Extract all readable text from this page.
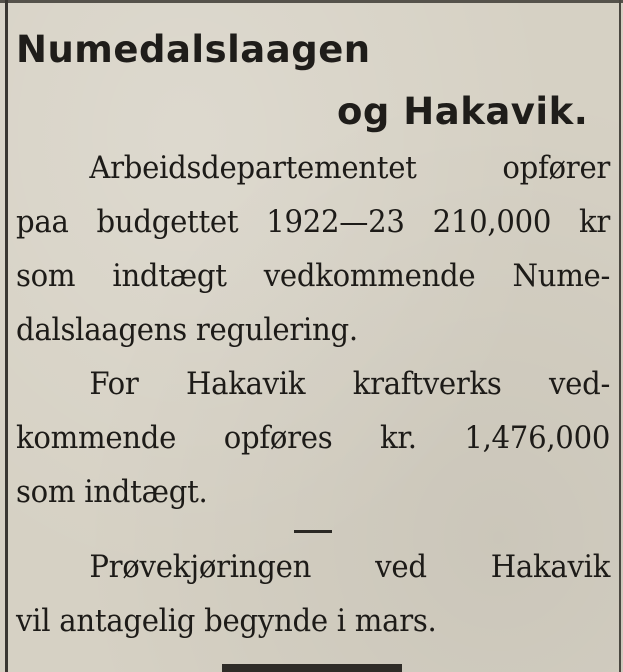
Numedalslaagen
og Hakavik.
Arbeidsdepartementet opfører
paa budgettet 1922—23 210,000 kr
som indtægt vedkommende Nume-
dalslaagens regulering.
For Hakavik kraftverks ved-
kommende opføres kr. 1,476,000
som indtægt.
Prøvekjøringen ved Hakavik
vil antagelig begynde i mars.
